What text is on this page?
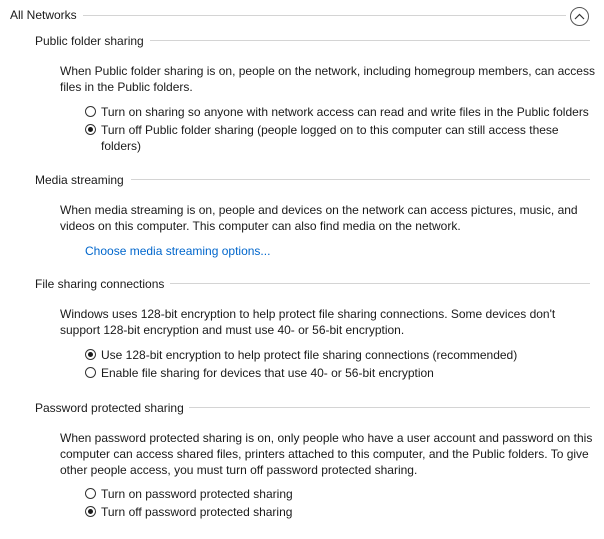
All Networks
Public folder sharing
When Public folder sharing is on, people on the network, including homegroup members, can access files in the Public folders.
Turn on sharing so anyone with network access can read and write files in the Public folders
Turn off Public folder sharing (people logged on to this computer can still access these folders)
Media streaming
When media streaming is on, people and devices on the network can access pictures, music, and videos on this computer. This computer can also find media on the network.
Choose media streaming options...
File sharing connections
Windows uses 128-bit encryption to help protect file sharing connections. Some devices don't support 128-bit encryption and must use 40- or 56-bit encryption.
Use 128-bit encryption to help protect file sharing connections (recommended)
Enable file sharing for devices that use 40- or 56-bit encryption
Password protected sharing
When password protected sharing is on, only people who have a user account and password on this computer can access shared files, printers attached to this computer, and the Public folders. To give other people access, you must turn off password protected sharing.
Turn on password protected sharing
Turn off password protected sharing
